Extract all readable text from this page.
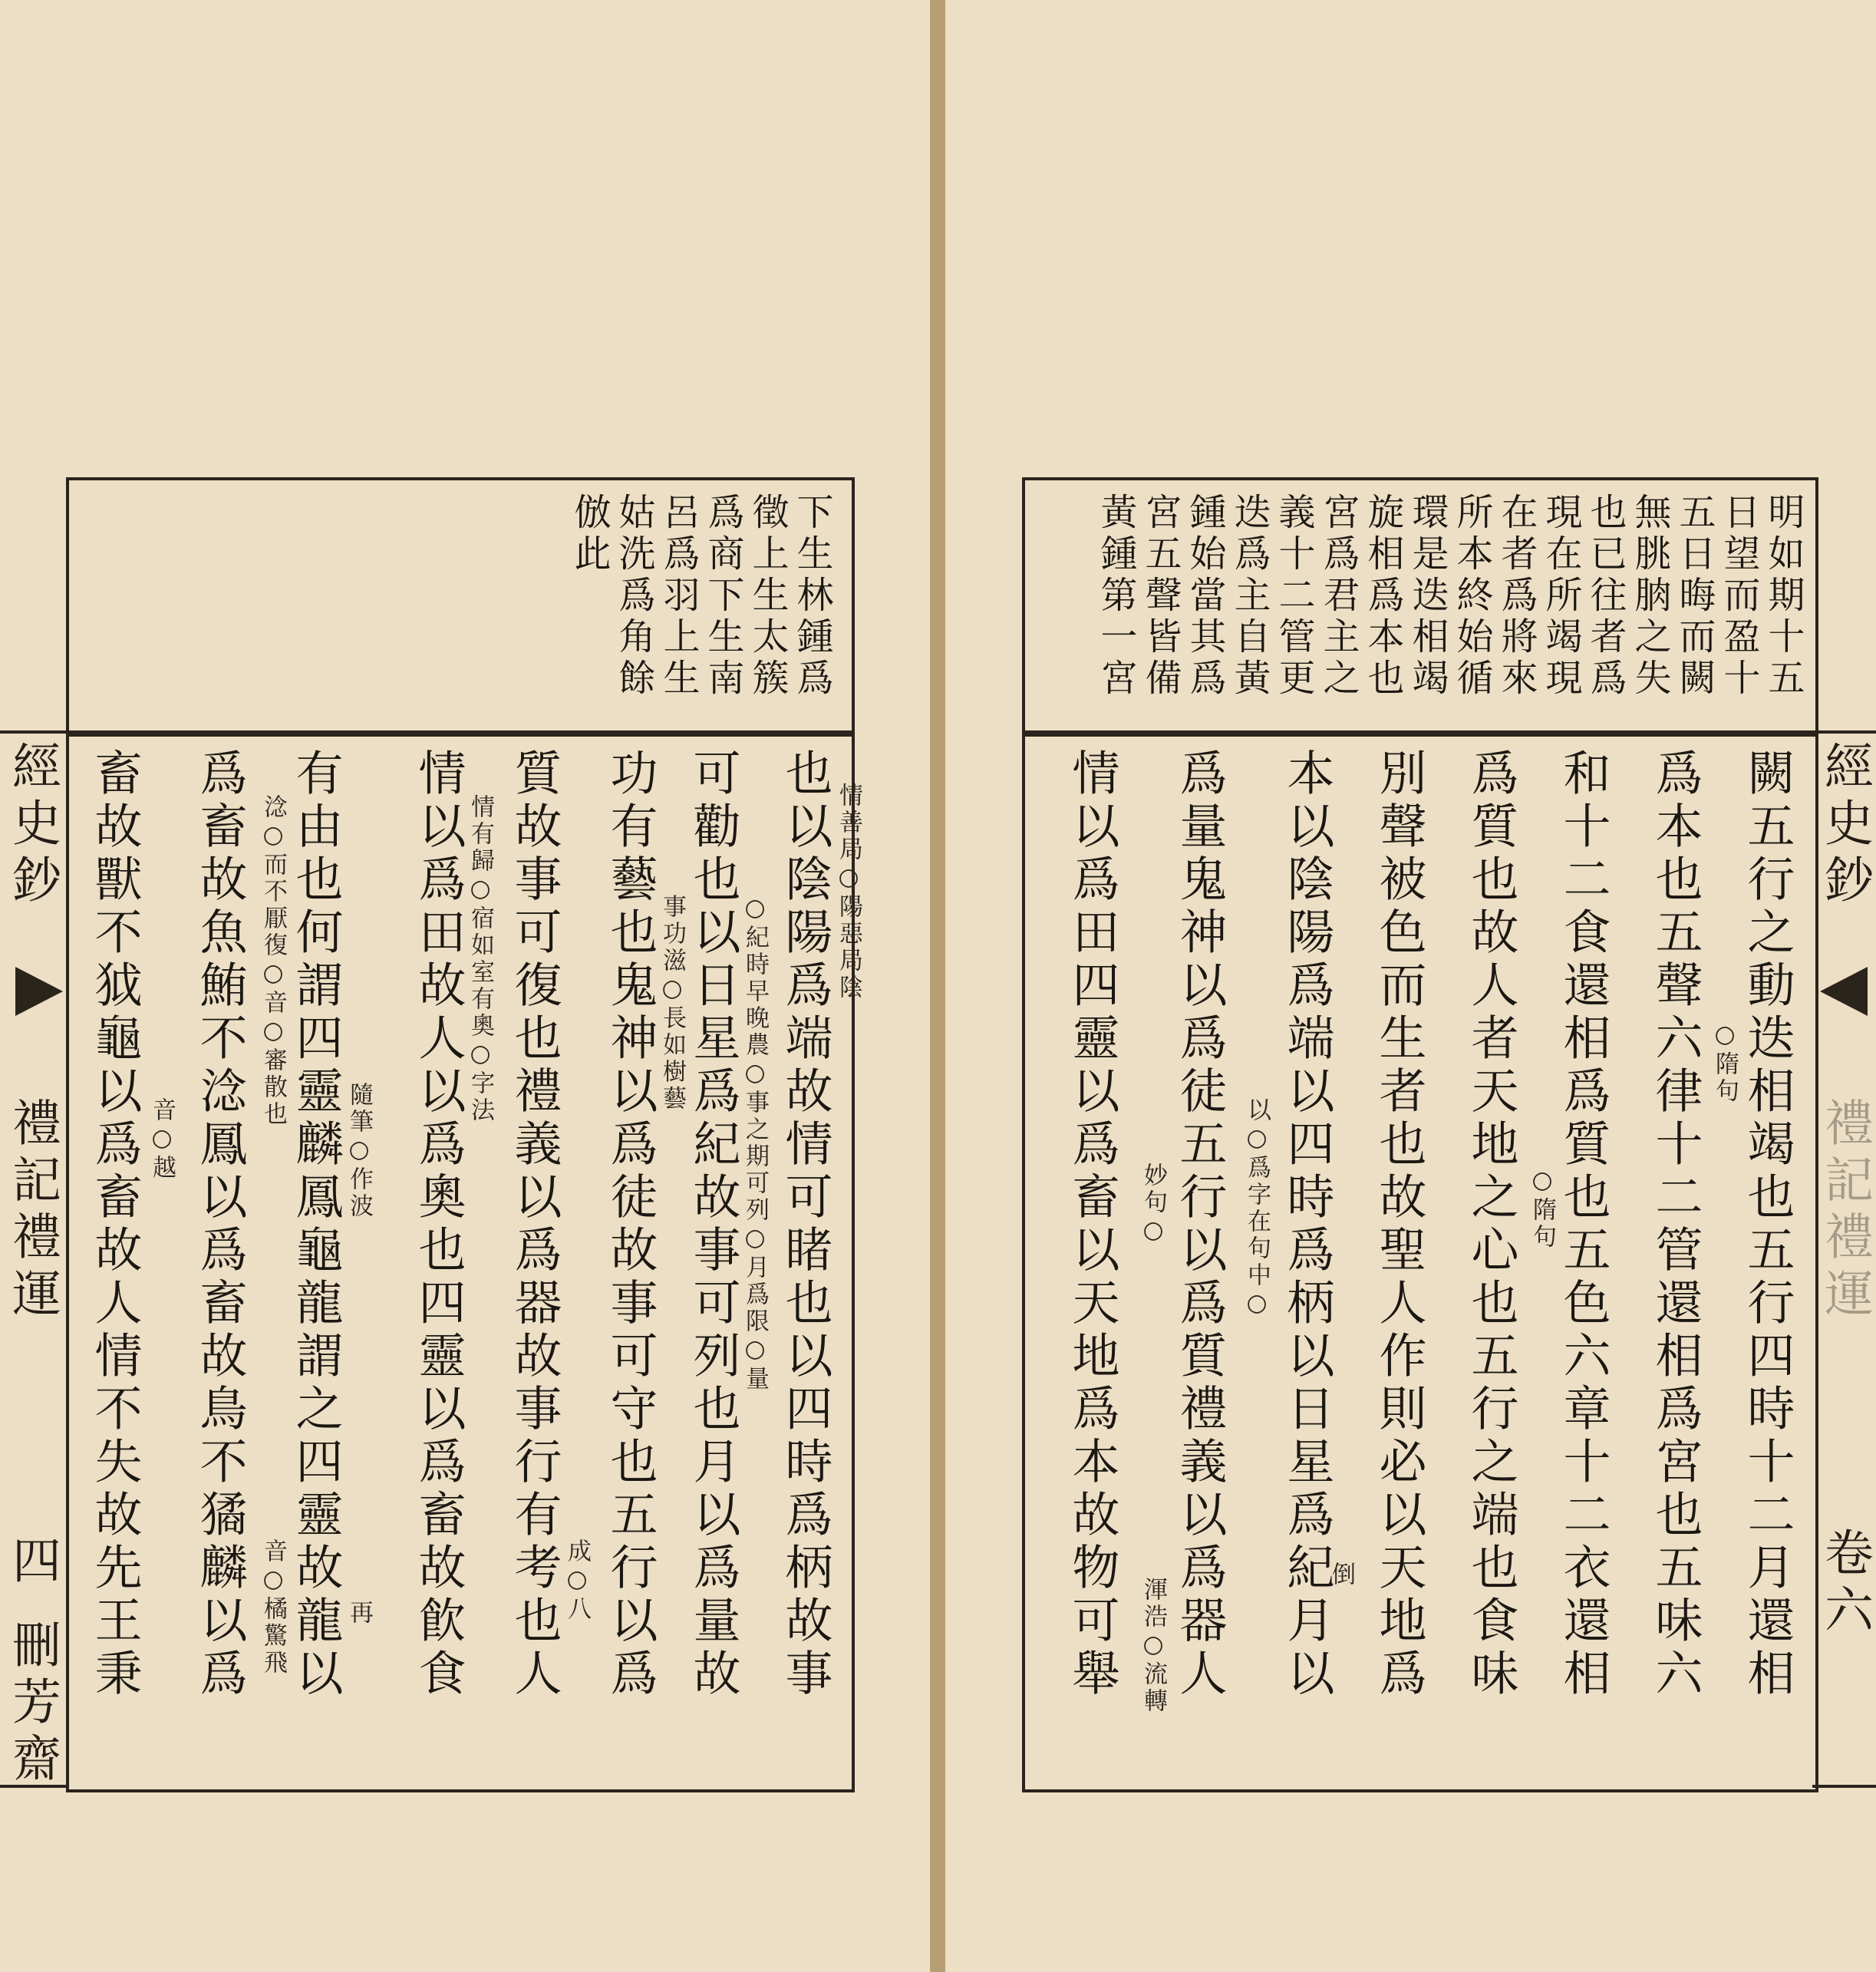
下生林鍾爲
徵上生太簇
爲商下生南
呂爲羽上生
姑洗爲角餘
倣此
也以陰陽爲端故情可睹也以四時爲柄故事
可勸也以日星爲紀故事可列也月以爲量故
功有藝也鬼神以爲徒故事可守也五行以爲
質故事可復也禮義以爲器故事行有考也人
情以爲田故人以爲奧也四靈以爲畜故飮食
有由也何謂四靈麟鳳龜龍謂之四靈故龍以
爲畜故魚鮪不淰鳳以爲畜故鳥不獝麟以爲
畜故獸不狘龜以爲畜故人情不失故先王秉	情善局○陽惡局陰
○紀時早晚農○事之期可列○月爲限○量
事功滋○長如樹藝
成○八
情有歸○宿如室有奧○字法
隨筆○作波
再
淰○而不厭復○音○審散也
音○橘驚飛
音○越
經史鈔
禮記禮運
四
刪芳齋
明如期十五
日望而盈十
五日晦而闕
無朓朒之失
也已往者爲
現在所竭現
在者爲將來
所本終始循
環是迭相竭
旋相爲本也
宮爲君主之
義十二管更
迭爲主自黃
鍾始當其爲
宮五聲皆備
黃鍾第一宮
闕五行之動迭相竭也五行四時十二月還相
爲本也五聲六律十二管還相爲宮也五味六
和十二食還相爲質也五色六章十二衣還相
爲質也故人者天地之心也五行之端也食味
別聲被色而生者也故聖人作則必以天地爲
本以陰陽爲端以四時爲柄以日星爲紀月以
爲量鬼神以爲徒五行以爲質禮義以爲器人
情以爲田四靈以爲畜以天地爲本故物可舉	○隋句
○隋句
以○爲字在句中○
倒
妙句○
渾浩○流轉
經史鈔
卷六
禮記禮運
